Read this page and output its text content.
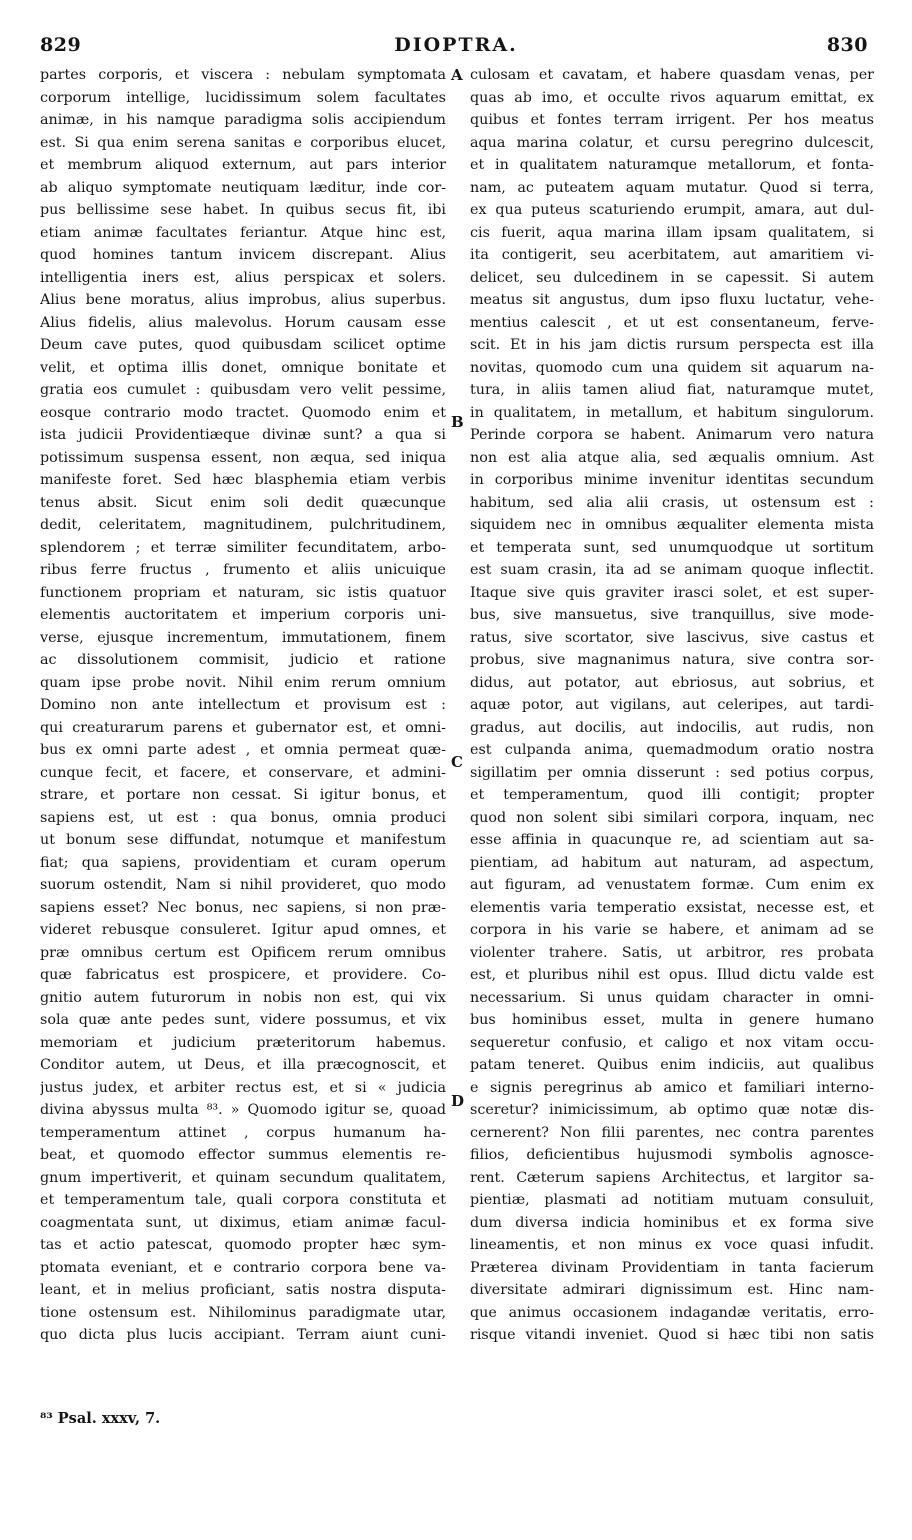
829	DIOPTRA.	830
partes corporis, et viscera : nebulam symptomata
corporum intellige, lucidissimum solem facultates
animæ, in his namque paradigma solis accipiendum
est. Si qua enim serena sanitas e corporibus elucet,
et membrum aliquod externum, aut pars interior
ab aliquo symptomate neutiquam læditur, inde cor-
pus bellissime sese habet. In quibus secus fit, ibi
etiam animæ facultates feriantur. Atque hinc est,
quod homines tantum invicem discrepant. Alius
intelligentia iners est, alius perspicax et solers.
Alius bene moratus, alius improbus, alius superbus.
Alius fidelis, alius malevolus. Horum causam esse
Deum cave putes, quod quibusdam scilicet optime
velit, et optima illis donet, omnique bonitate et
gratia eos cumulet : quibusdam vero velit pessime,
eosque contrario modo tractet. Quomodo enim et
ista judicii Providentiæque divinæ sunt? a qua si
potissimum suspensa essent, non æqua, sed iniqua
manifeste foret. Sed hæc blasphemia etiam verbis
tenus absit. Sicut enim soli dedit quæcunque
dedit, celeritatem, magnitudinem, pulchritudinem,
splendorem ; et terræ similiter fecunditatem, arbo-
ribus ferre fructus , frumento et aliis unicuique
functionem propriam et naturam, sic istis quatuor
elementis auctoritatem et imperium corporis uni-
verse, ejusque incrementum, immutationem, finem
ac dissolutionem commisit, judicio et ratione
quam ipse probe novit. Nihil enim rerum omnium
Domino non ante intellectum et provisum est :
qui creaturarum parens et gubernator est, et omni-
bus ex omni parte adest , et omnia permeat quæ-
cunque fecit, et facere, et conservare, et admini-
strare, et portare non cessat. Si igitur bonus, et
sapiens est, ut est : qua bonus, omnia produci
ut bonum sese diffundat, notumque et manifestum
fiat; qua sapiens, providentiam et curam operum
suorum ostendit, Nam si nihil provideret, quo modo
sapiens esset? Nec bonus, nec sapiens, si non præ-
videret rebusque consuleret. Igitur apud omnes, et
præ omnibus certum est Opificem rerum omnibus
quæ fabricatus est prospicere, et providere. Co-
gnitio autem futurorum in nobis non est, qui vix
sola quæ ante pedes sunt, videre possumus, et vix
memoriam et judicium præteritorum habemus.
Conditor autem, ut Deus, et illa præcognoscit, et
justus judex, et arbiter rectus est, et si « judicia
divina abyssus multa ⁸³. » Quomodo igitur se, quoad
temperamentum attinet , corpus humanum ha-
beat, et quomodo effector summus elementis re-
gnum impertiverit, et quinam secundum qualitatem,
et temperamentum tale, quali corpora constituta et
coagmentata sunt, ut diximus, etiam animæ facul-
tas et actio patescat, quomodo propter hæc sym-
ptomata eveniant, et e contrario corpora bene va-
leant, et in melius proficiant, satis nostra disputa-
tione ostensum est. Nihilominus paradigmate utar,
quo dicta plus lucis accipiant. Terram aiunt cuni-
culosam et cavatam, et habere quasdam venas, per
quas ab imo, et occulte rivos aquarum emittat, ex
quibus et fontes terram irrigent. Per hos meatus
aqua marina colatur, et cursu peregrino dulcescit,
et in qualitatem naturamque metallorum, et fonta-
nam, ac puteatem aquam mutatur. Quod si terra,
ex qua puteus scaturiendo erumpit, amara, aut dul-
cis fuerit, aqua marina illam ipsam qualitatem, si
ita contigerit, seu acerbitatem, aut amaritiem vi-
delicet, seu dulcedinem in se capessit. Si autem
meatus sit angustus, dum ipso fluxu luctatur, vehe-
mentius calescit , et ut est consentaneum, ferve-
scit. Et in his jam dictis rursum perspecta est illa
novitas, quomodo cum una quidem sit aquarum na-
tura, in aliis tamen aliud fiat, naturamque mutet,
in qualitatem, in metallum, et habitum singulorum.
Perinde corpora se habent. Animarum vero natura
non est alia atque alia, sed æqualis omnium. Ast
in corporibus minime invenitur identitas secundum
habitum, sed alia alii crasis, ut ostensum est :
siquidem nec in omnibus æqualiter elementa mista
et temperata sunt, sed unumquodque ut sortitum
est suam crasin, ita ad se animam quoque inflectit.
Itaque sive quis graviter irasci solet, et est super-
bus, sive mansuetus, sive tranquillus, sive mode-
ratus, sive scortator, sive lascivus, sive castus et
probus, sive magnanimus natura, sive contra sor-
didus, aut potator, aut ebriosus, aut sobrius, et
aquæ potor, aut vigilans, aut celeripes, aut tardi-
gradus, aut docilis, aut indocilis, aut rudis, non
est culpanda anima, quemadmodum oratio nostra
sigillatim per omnia disserunt : sed potius corpus,
et temperamentum, quod illi contigit; propter
quod non solent sibi similari corpora, inquam, nec
esse affinia in quacunque re, ad scientiam aut sa-
pientiam, ad habitum aut naturam, ad aspectum,
aut figuram, ad venustatem formæ. Cum enim ex
elementis varia temperatio exsistat, necesse est, et
corpora in his varie se habere, et animam ad se
violenter trahere. Satis, ut arbitror, res probata
est, et pluribus nihil est opus. Illud dictu valde est
necessarium. Si unus quidam character in omni-
bus hominibus esset, multa in genere humano
sequeretur confusio, et caligo et nox vitam occu-
patam teneret. Quibus enim indiciis, aut qualibus
e signis peregrinus ab amico et familiari interno-
sceretur? inimicissimum, ab optimo quæ notæ dis-
cernerent? Non filii parentes, nec contra parentes
filios, deficientibus hujusmodi symbolis agnosce-
rent. Cæterum sapiens Architectus, et largitor sa-
pientiæ, plasmati ad notitiam mutuam consuluit,
dum diversa indicia hominibus et ex forma sive
lineamentis, et non minus ex voce quasi infudit.
Præterea divinam Providentiam in tanta facierum
diversitate admirari dignissimum est. Hinc nam-
que animus occasionem indagandæ veritatis, erro-
risque vitandi inveniet. Quod si hæc tibi non satis
A
B
C
D
⁸³ Psal. xxxv, 7.
